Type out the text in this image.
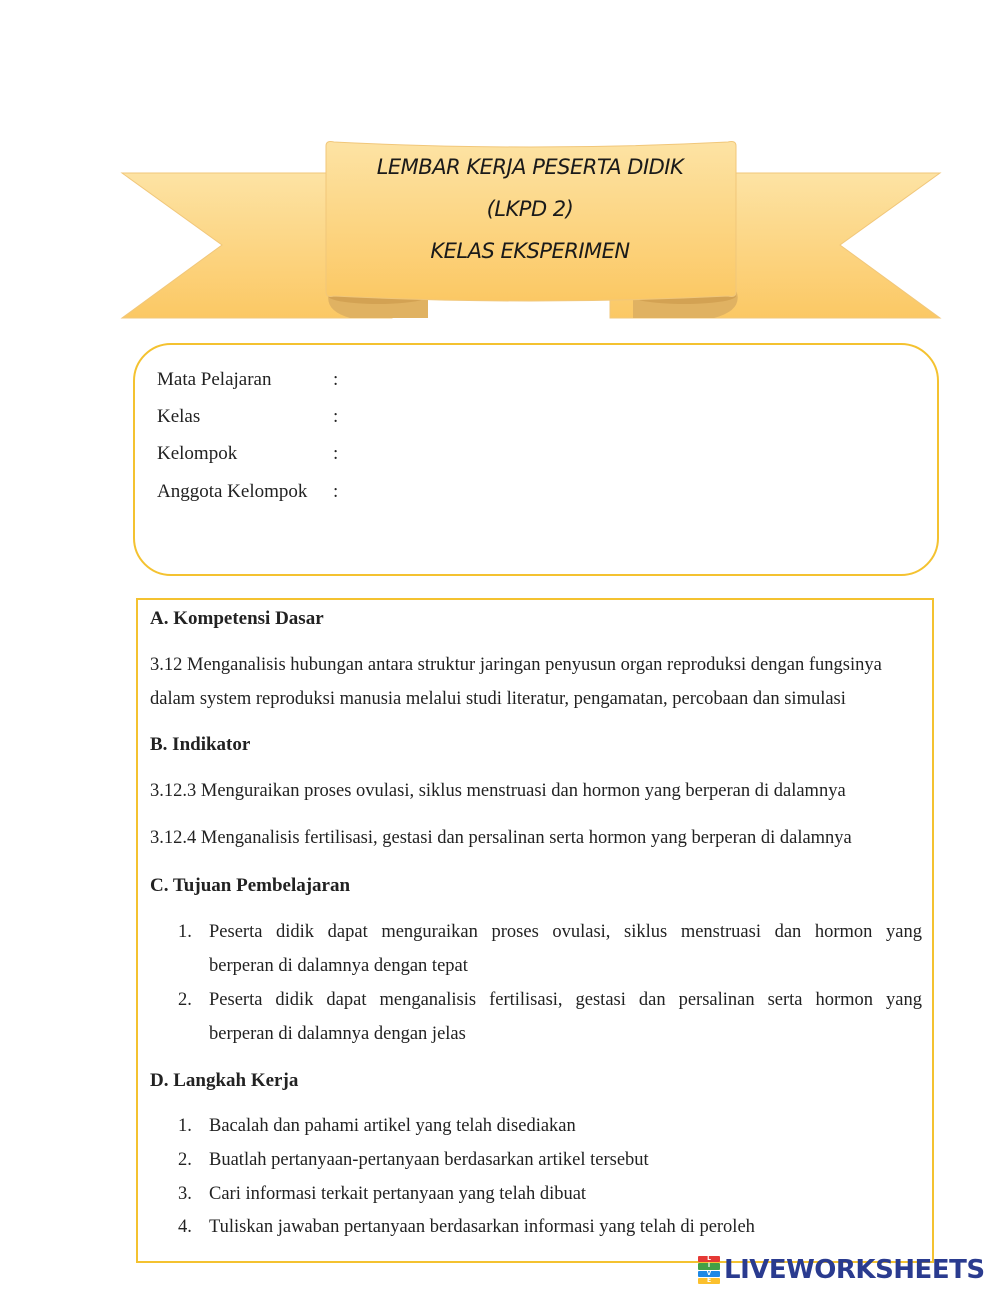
LEMBAR KERJA PESERTA DIDIK
(LKPD 2)
KELAS EKSPERIMEN
Mata Pelajaran	:
Kelas	:
Kelompok	:
Anggota Kelompok :
A. Kompetensi Dasar
3.12 Menganalisis hubungan antara struktur jaringan penyusun organ reproduksi dengan fungsinya
dalam system reproduksi manusia melalui studi literatur, pengamatan, percobaan dan simulasi
B. Indikator
3.12.3 Menguraikan proses ovulasi, siklus menstruasi dan hormon yang berperan di dalamnya
3.12.4 Menganalisis fertilisasi, gestasi dan persalinan serta hormon yang berperan di dalamnya
C. Tujuan Pembelajaran
1. Peserta didik dapat menguraikan proses ovulasi, siklus menstruasi dan hormon yang
berperan di dalamnya dengan tepat
2. Peserta didik dapat menganalisis fertilisasi, gestasi dan persalinan serta hormon yang
berperan di dalamnya dengan jelas
D. Langkah Kerja
1. Bacalah dan pahami artikel yang telah disediakan
2. Buatlah pertanyaan-pertanyaan berdasarkan artikel tersebut
3. Cari informasi terkait pertanyaan yang telah dibuat
4. Tuliskan jawaban pertanyaan berdasarkan informasi yang telah di peroleh
L
I
V
E LIVEWORKSHEETS
